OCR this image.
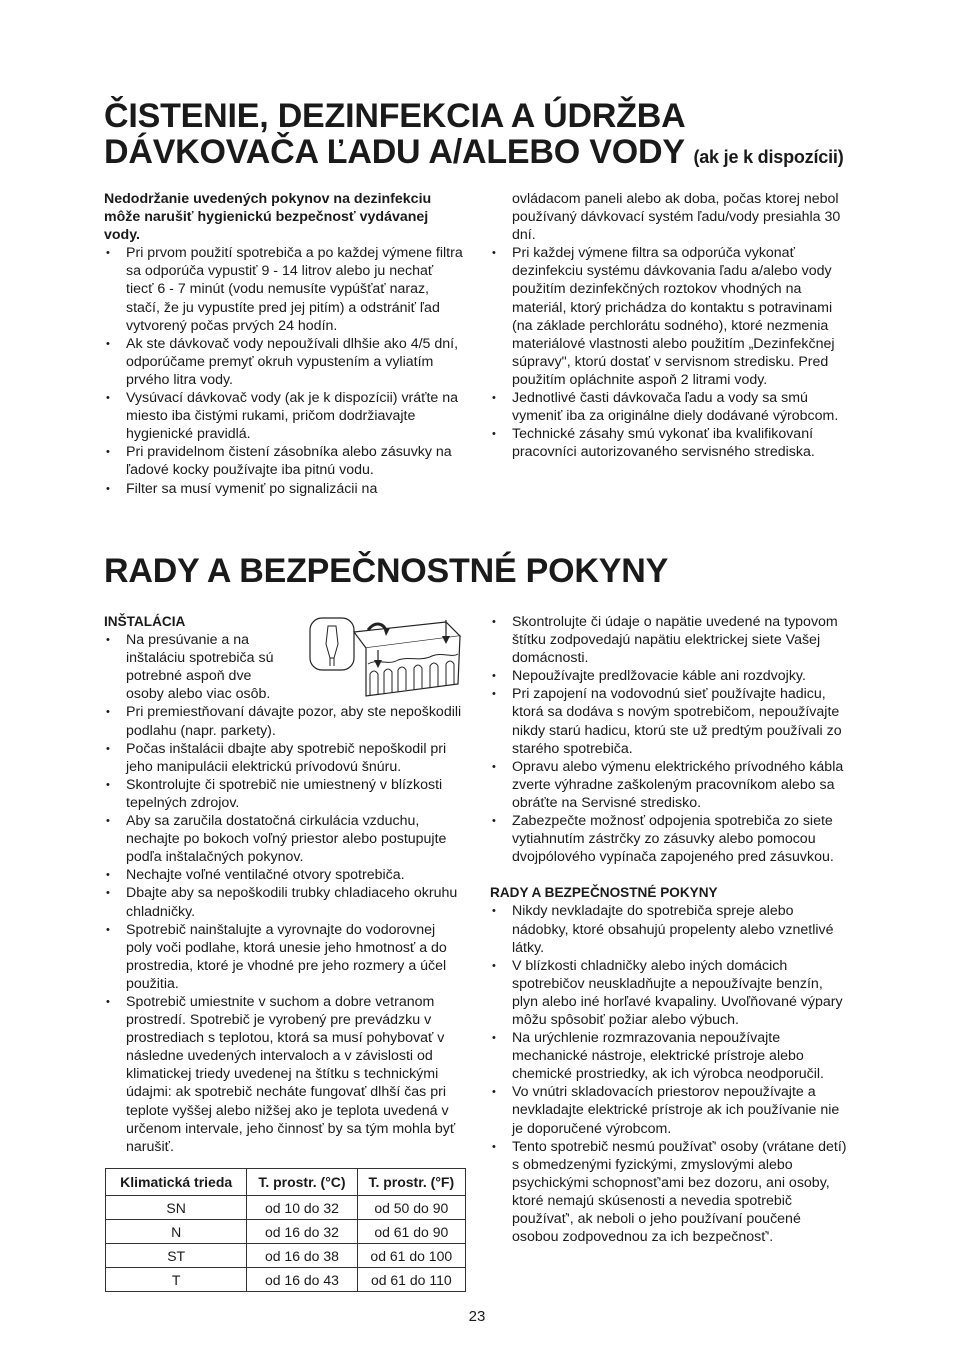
ČISTENIE, DEZINFEKCIA A ÚDRŽBA
DÁVKOVAČA ĽADU A/ALEBO VODY (ak je k dispozícii)

Nedodržanie uvedených pokynov na dezinfekciu môže narušiť hygienickú bezpečnosť vydávanej vody.

• Pri prvom použití spotrebiča a po každej výmene filtra sa odporúča vypustiť 9 - 14 litrov alebo ju nechať tiecť 6 - 7 minút (vodu nemusíte vypúšťať naraz, stačí, že ju vypustíte pred jej pitím) a odstrániť ľad vytvorený počas prvých 24 hodín.
• Ak ste dávkovač vody nepoužívali dlhšie ako 4/5 dní, odporúčame premyť okruh vypustením a vyliatím prvého litra vody.
• Vysúvací dávkovač vody (ak je k dispozícii) vráťte na miesto iba čistými rukami, pričom dodržiavajte hygienické pravidlá.
• Pri pravidelnom čistení zásobníka alebo zásuvky na ľadové kocky používajte iba pitnú vodu.
• Filter sa musí vymeniť po signalizácii na
ovládacom paneli alebo ak doba, počas ktorej nebol používaný dávkovací systém ľadu/vody presiahla 30 dní.
• Pri každej výmene filtra sa odporúča vykonať dezinfekciu systému dávkovania ľadu a/alebo vody použitím dezinfekčných roztokov vhodných na materiál, ktorý prichádza do kontaktu s potravinami (na základe perchlorátu sodného), ktoré nezmenia materiálové vlastnosti alebo použitím „Dezinfekčnej súpravy", ktorú dostať v servisnom stredisku. Pred použitím opláchnite aspoň 2 litrami vody.
• Jednotlivé časti dávkovača ľadu a vody sa smú vymeniť iba za originálne diely dodávané výrobcom.
• Technické zásahy smú vykonať iba kvalifikovaní pracovníci autorizovaného servisného strediska.
RADY A BEZPEČNOSTNÉ POKYNY

INŠTALÁCIA

• Na presúvanie a na inštaláciu spotrebiča sú potrebné aspoň dve osoby alebo viac osôb.
• Pri premiestňovaní dávajte pozor, aby ste nepoškodili podlahu (napr. parkety).
• Počas inštalácii dbajte aby spotrebič nepoškodil pri jeho manipulácii elektrickú prívodovú šnúru.
• Skontrolujte či spotrebič nie umiestnený v blízkosti tepelných zdrojov.
• Aby sa zaručila dostatočná cirkulácia vzduchu, nechajte po bokoch voľný priestor alebo postupujte podľa inštalačných pokynov.
• Nechajte voľné ventilačné otvory spotrebiča.
• Dbajte aby sa nepoškodili trubky chladiaceho okruhu chladničky.
• Spotrebič nainštalujte a vyrovnajte do vodorovnej poly voči podlahe, ktorá unesie jeho hmotnosť a do prostredia, ktoré je vhodné pre jeho rozmery a účel použitia.
• Spotrebič umiestnite v suchom a dobre vetranom prostredí. Spotrebič je vyrobený pre prevádzku v prostrediach s teplotou, ktorá sa musí pohybovať v následne uvedených intervaloch a v závislosti od klimatickej triedy uvedenej na štítku s technickými údajmi: ak spotrebič necháte fungovať dlhší čas pri teplote vyššej alebo nižšej ako je teplota uvedená v určenom intervale, jeho činnosť by sa tým mohla byť narušiť.
Klimatická trieda	T. prostr. (°C)	T. prostr. (°F)
SN	od 10 do 32	od 50 do 90
N	od 16 do 32	od 61 do 90
ST	od 16 do 38	od 61 do 100
T	od 16 do 43	od 61 do 110
• Skontrolujte či údaje o napätie uvedené na typovom štítku zodpovedajú napätiu elektrickej siete Vašej domácnosti.
• Nepoužívajte predlžovacie káble ani rozdvojky.
• Pri zapojení na vodovodnú sieť používajte hadicu, ktorá sa dodáva s novým spotrebičom, nepoužívajte nikdy starú hadicu, ktorú ste už predtým používali zo starého spotrebiča.
• Opravu alebo výmenu elektrického prívodného kábla zverte výhradne zaškoleným pracovníkom alebo sa obráťte na Servisné stredisko.
• Zabezpečte možnosť odpojenia spotrebiča zo siete vytiahnutím zástrčky zo zásuvky alebo pomocou dvojpólového vypínača zapojeného pred zásuvkou.

RADY A BEZPEČNOSTNÉ POKYNY

• Nikdy nevkladajte do spotrebiča spreje alebo nádobky, ktoré obsahujú propelenty alebo vznetlivé látky.
• V blízkosti chladničky alebo iných domácich spotrebičov neuskladňujte a nepoužívajte benzín, plyn alebo iné horľavé kvapaliny. Uvoľňované výpary môžu spôsobiť požiar alebo výbuch.
• Na urýchlenie rozmrazovania nepoužívajte mechanické nástroje, elektrické prístroje alebo chemické prostriedky, ak ich výrobca neodporučil.
• Vo vnútri skladovacích priestorov nepoužívajte a nevkladajte elektrické prístroje ak ich používanie nie je doporučené výrobcom.
• Tento spotrebič nesmú používať' osoby (vrátane detí) s obmedzenými fyzickými, zmyslovými alebo psychickými schopnosť'ami bez dozoru, ani osoby, ktoré nemajú skúsenosti a nevedia spotrebič používať', ak neboli o jeho používaní poučené osobou zodpovednou za ich bezpečnosť'.
23
